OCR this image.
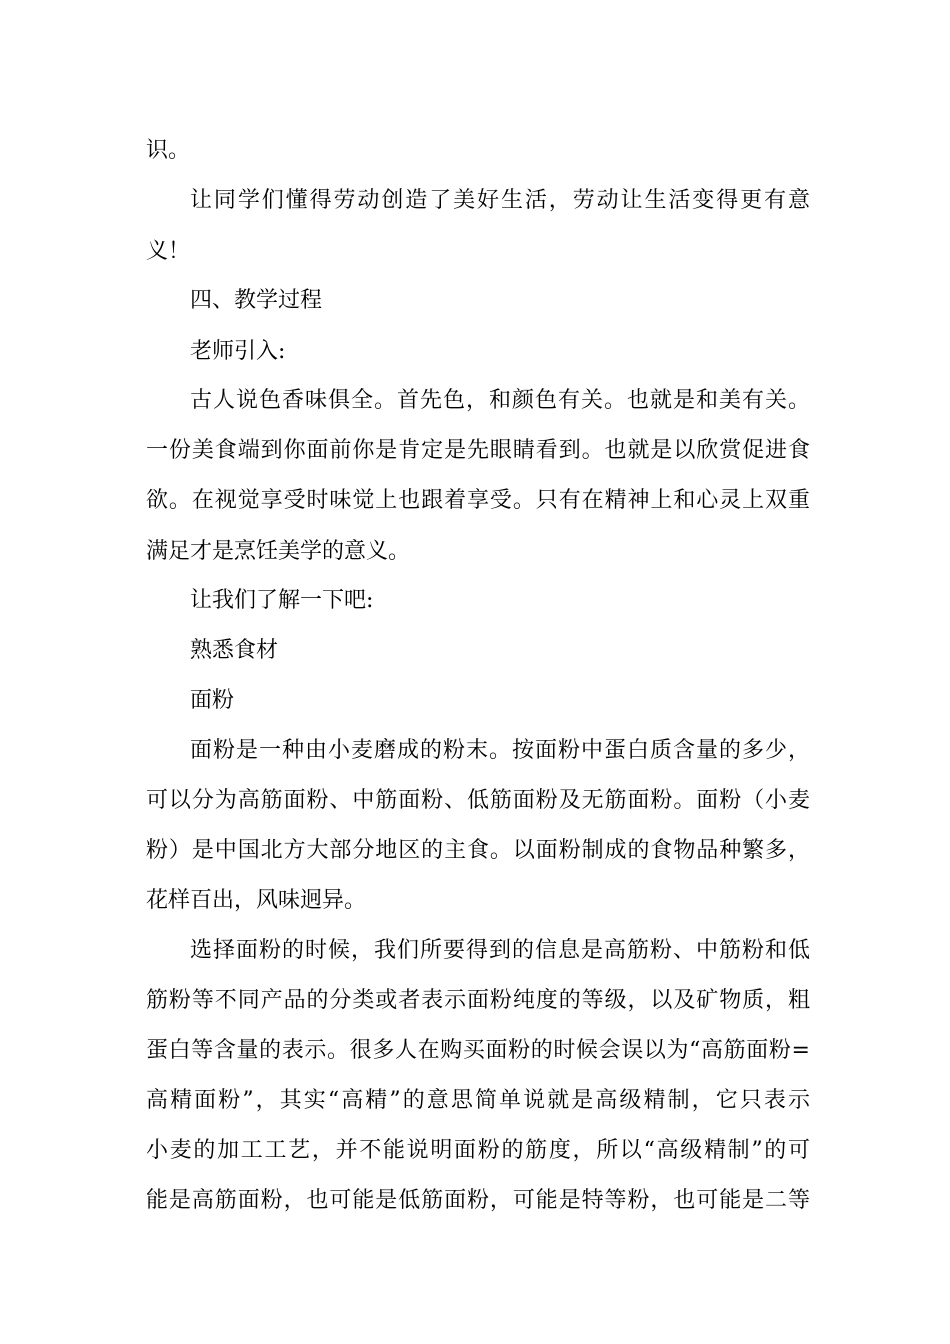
识。
让同学们懂得劳动创造了美好生活，劳动让生活变得更有意
义！
四、教学过程
老师引入:
古人说色香味俱全。首先色，和颜色有关。也就是和美有关。
一份美食端到你面前你是肯定是先眼睛看到。也就是以欣赏促进食
欲。在视觉享受时味觉上也跟着享受。只有在精神上和心灵上双重
满足才是烹饪美学的意义。
让我们了解一下吧:
熟悉食材
面粉
面粉是一种由小麦磨成的粉末。按面粉中蛋白质含量的多少，
可以分为高筋面粉、中筋面粉、低筋面粉及无筋面粉。面粉（小麦
粉）是中国北方大部分地区的主食。以面粉制成的食物品种繁多，
花样百出，风味迥异。
选择面粉的时候，我们所要得到的信息是高筋粉、中筋粉和低
筋粉等不同产品的分类或者表示面粉纯度的等级，以及矿物质，粗
蛋白等含量的表示。很多人在购买面粉的时候会误以为“高筋面粉=
高精面粉”，其实“高精”的意思简单说就是高级精制，它只表示
小麦的加工工艺，并不能说明面粉的筋度，所以“高级精制”的可
能是高筋面粉，也可能是低筋面粉，可能是特等粉，也可能是二等
